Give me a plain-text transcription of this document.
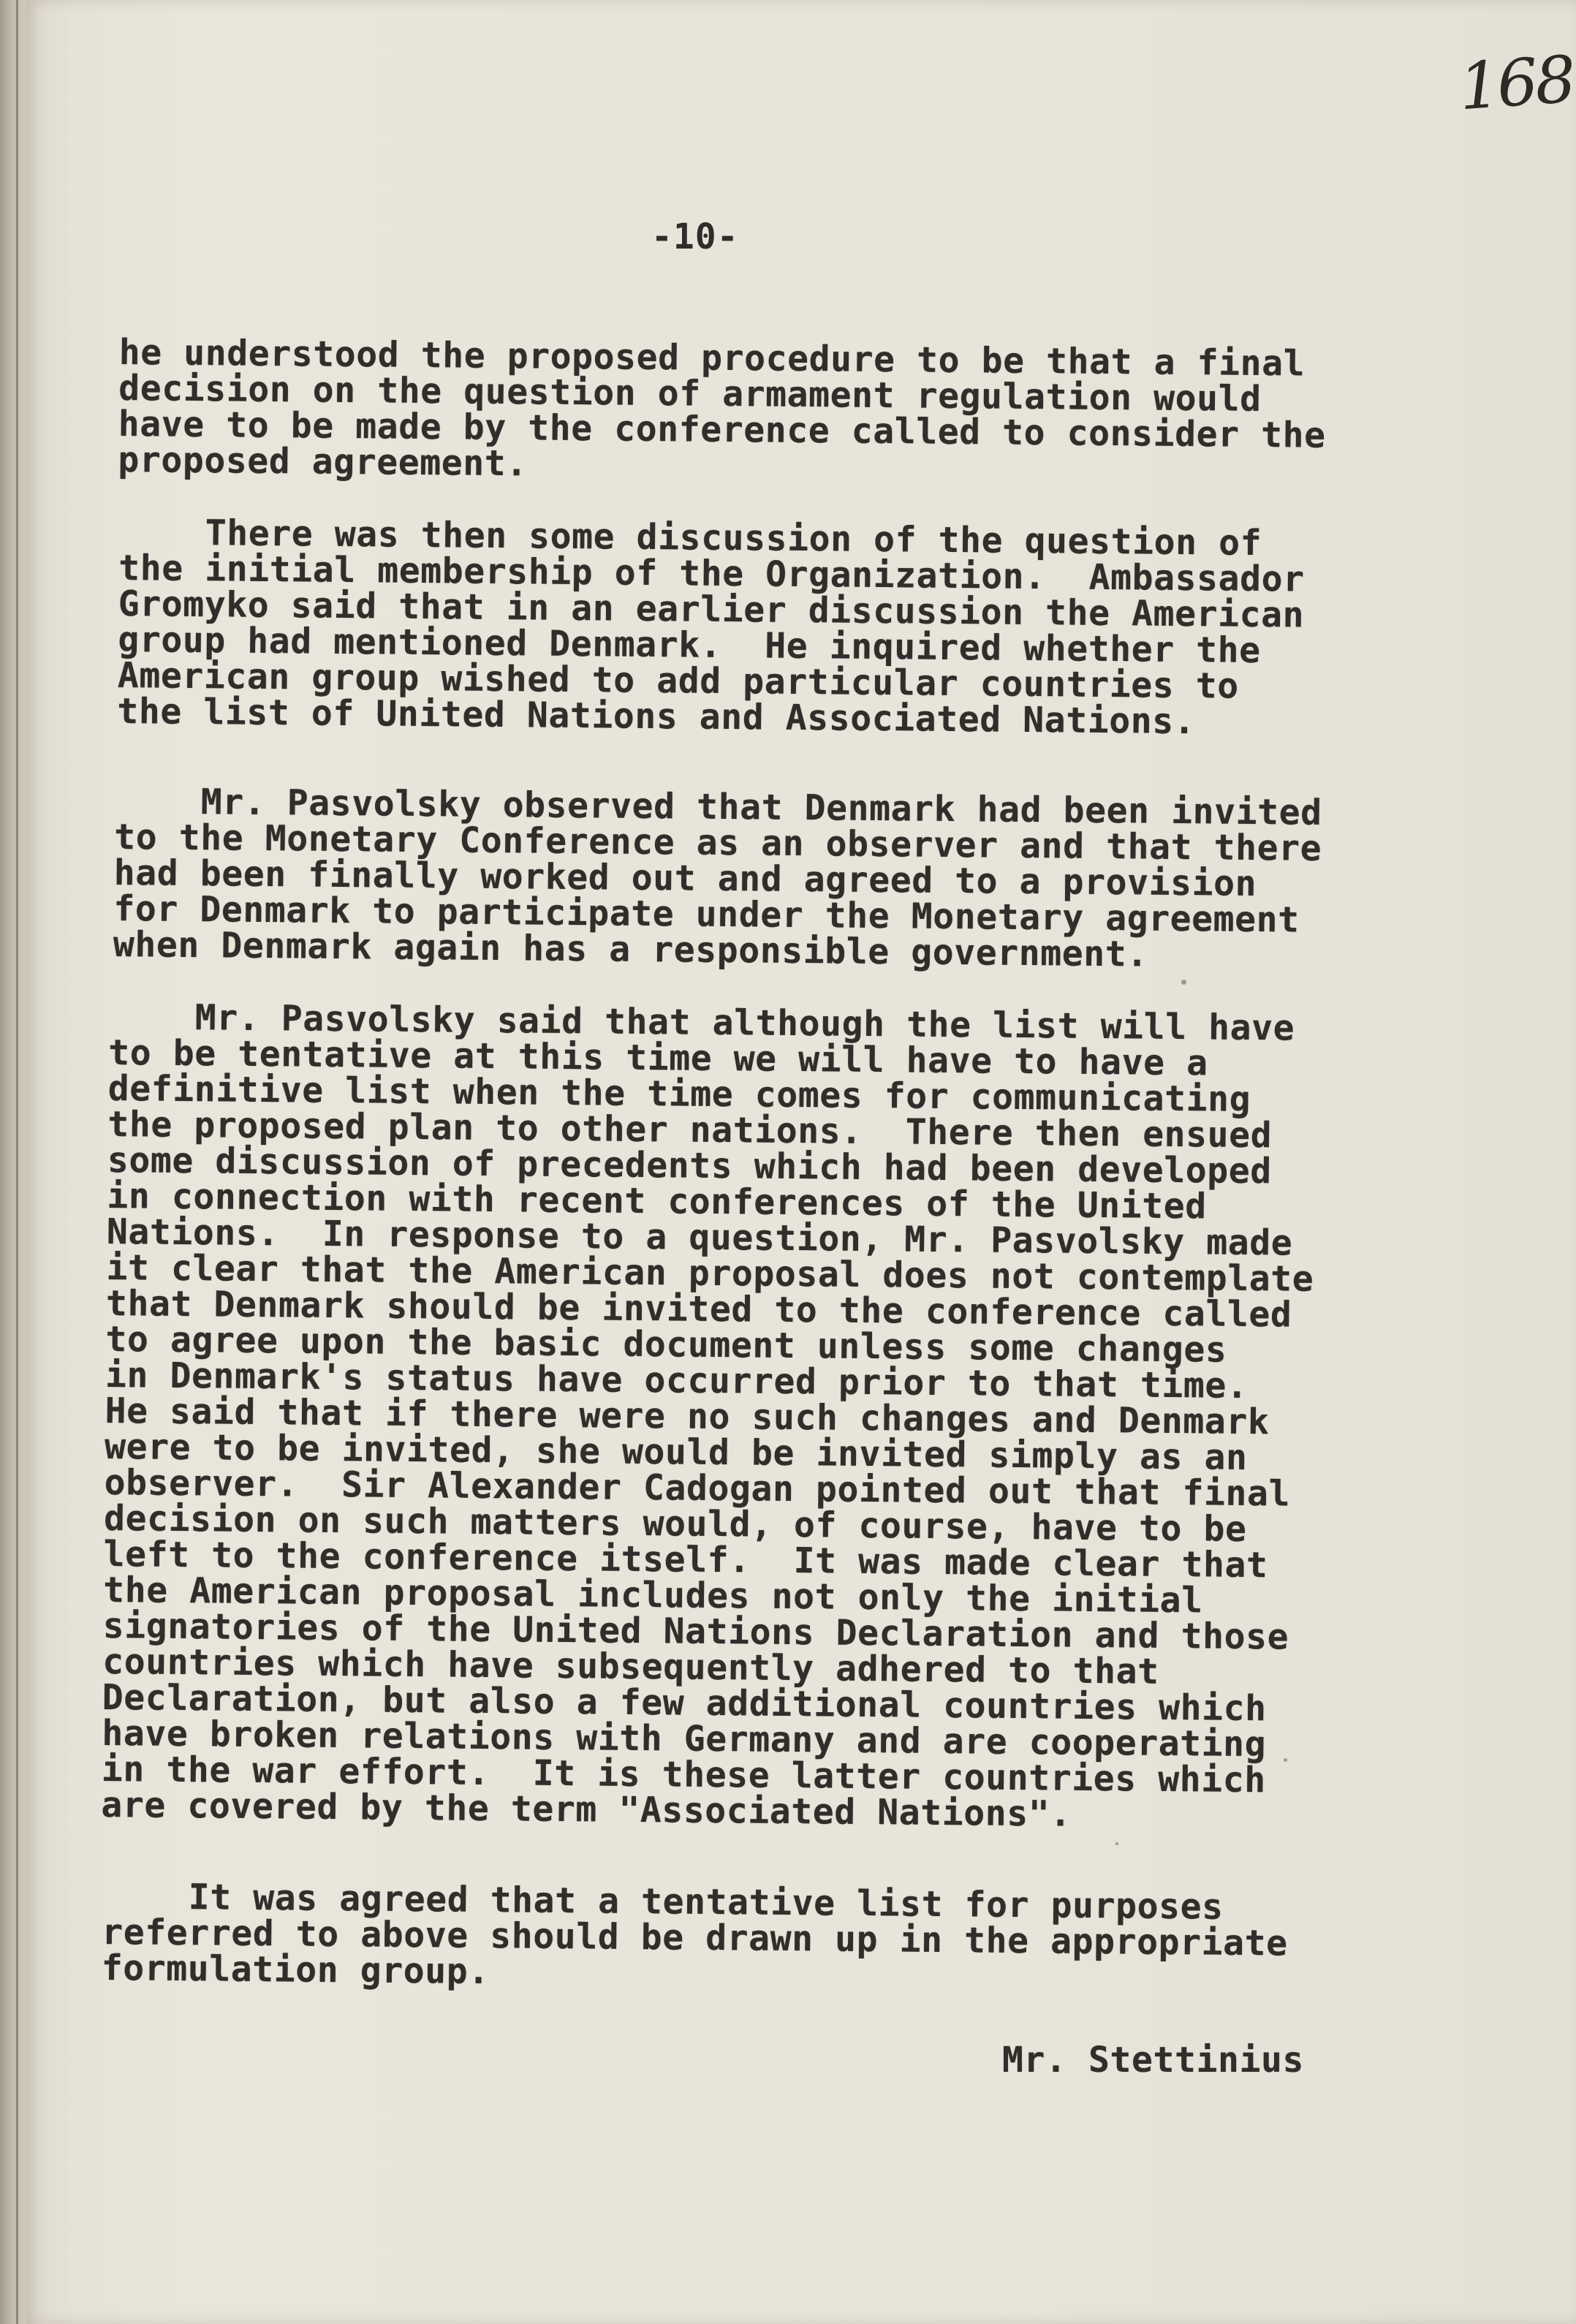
168
-10-
he understood the proposed procedure to be that a final
decision on the question of armament regulation would
have to be made by the conference called to consider the
proposed agreement.
There was then some discussion of the question of
the initial membership of the Organization.  Ambassador
Gromyko said that in an earlier discussion the American
group had mentioned Denmark.  He inquired whether the
American group wished to add particular countries to
the list of United Nations and Associated Nations.
Mr. Pasvolsky observed that Denmark had been invited
to the Monetary Conference as an observer and that there
had been finally worked out and agreed to a provision
for Denmark to participate under the Monetary agreement
when Denmark again has a responsible government.
Mr. Pasvolsky said that although the list will have
to be tentative at this time we will have to have a
definitive list when the time comes for communicating
the proposed plan to other nations.  There then ensued
some discussion of precedents which had been developed
in connection with recent conferences of the United
Nations.  In response to a question, Mr. Pasvolsky made
it clear that the American proposal does not contemplate
that Denmark should be invited to the conference called
to agree upon the basic document unless some changes
in Denmark's status have occurred prior to that time.
He said that if there were no such changes and Denmark
were to be invited, she would be invited simply as an
observer.  Sir Alexander Cadogan pointed out that final
decision on such matters would, of course, have to be
left to the conference itself.  It was made clear that
the American proposal includes not only the initial
signatories of the United Nations Declaration and those
countries which have subsequently adhered to that
Declaration, but also a few additional countries which
have broken relations with Germany and are cooperating
in the war effort.  It is these latter countries which
are covered by the term "Associated Nations".
It was agreed that a tentative list for purposes
referred to above should be drawn up in the appropriate
formulation group.
Mr. Stettinius
